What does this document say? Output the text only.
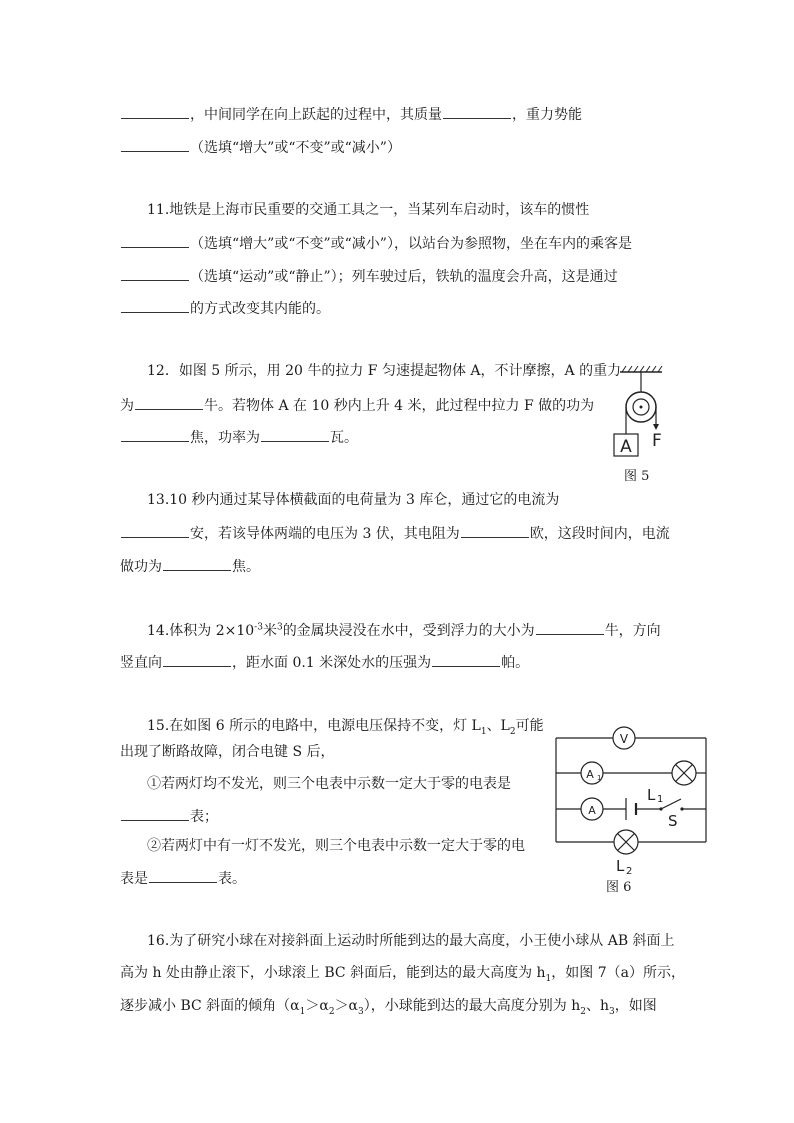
，中间同学在向上跃起的过程中，其质量	，重力势能
（选填“增大”或“不变”或“减小”）
11.地铁是上海市民重要的交通工具之一，当某列车启动时，该车的惯性
（选填“增大”或“不变”或“减小”），以站台为参照物，坐在车内的乘客是
（选填“运动”或“静止”）；列车驶过后，铁轨的温度会升高，这是通过
的方式改变其内能的。
12．如图 5 所示，用 20 牛的拉力 F 匀速提起物体 A，不计摩擦，A 的重力
为	牛。若物体 A 在 10 秒内上升 4 米，此过程中拉力 F 做的功为
焦，功率为	瓦。	A F
图 5
13.10 秒内通过某导体横截面的电荷量为 3 库仑，通过它的电流为
安，若该导体两端的电压为 3 伏，其电阻为	欧，这段时间内，电流
做功为	焦。
14.体积为 $2\times 10^{-3}$米$^3$的金属块浸没在水中，受到浮力的大小为	牛，方向
竖直向	，距水面 0.1 米深处水的压强为	帕。
15.在如图 6 所示的电路中，电源电压保持不变，灯 $L_1$、$L_2$可能
出现了断路故障，闭合电键 S 后，
①若两灯均不发光，则三个电表中示数一定大于零的电表是
表；
②若两灯中有一灯不发光，则三个电表中示数一定大于零的电
表是	表。
V
A 1
A
L 1
S
L 2
图 6
16.为了研究小球在对接斜面上运动时所能到达的最大高度，小王使小球从 AB 斜面上
高为 h 处由静止滚下，小球滚上 BC 斜面后，能到达的最大高度为 $h_1$，如图 7（a）所示，
逐步减小 BC 斜面的倾角$(\alpha_1>\alpha_2>\alpha_3)$，小球能到达的最大高度分别为 $h_2$、$h_3$，如图
